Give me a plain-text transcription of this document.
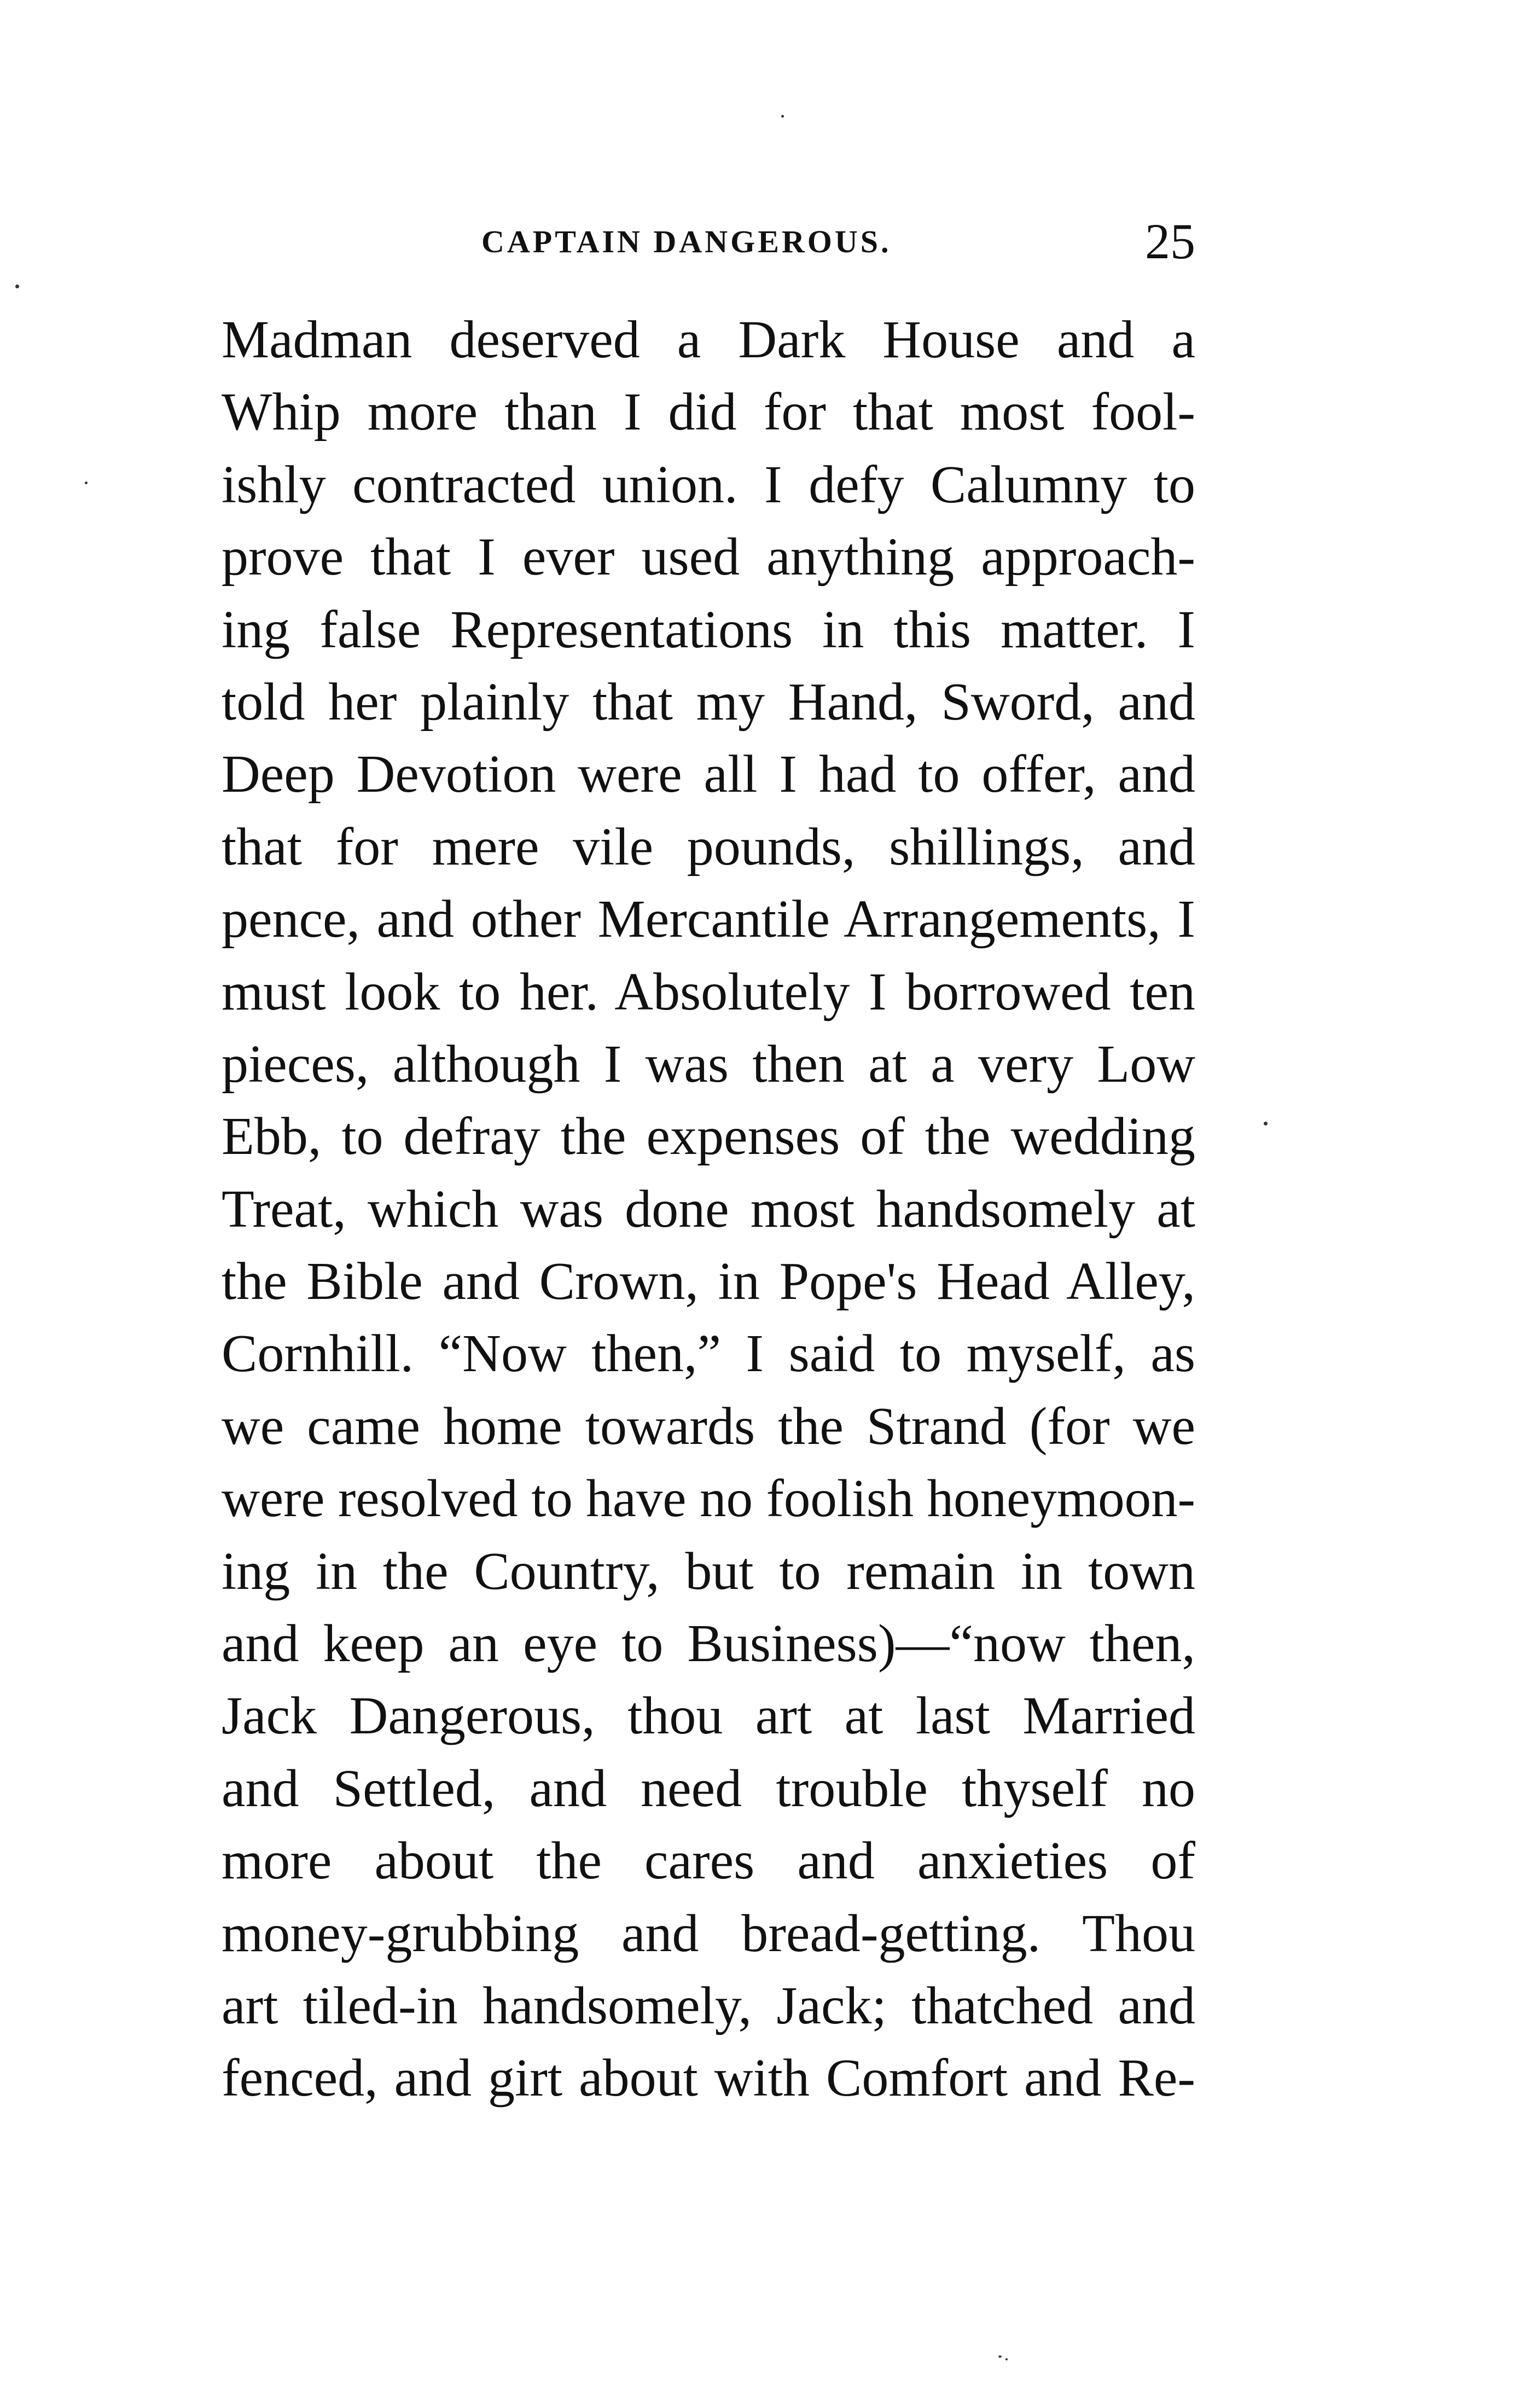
CAPTAIN DANGEROUS.	25
Madman deserved a Dark House and a
Whip more than I did for that most fool-
ishly contracted union. I defy Calumny to
prove that I ever used anything approach-
ing false Representations in this matter. I
told her plainly that my Hand, Sword, and
Deep Devotion were all I had to offer, and
that for mere vile pounds, shillings, and
pence, and other Mercantile Arrangements, I
must look to her. Absolutely I borrowed ten
pieces, although I was then at a very Low
Ebb, to defray the expenses of the wedding
Treat, which was done most handsomely at
the Bible and Crown, in Pope's Head Alley,
Cornhill. “Now then,” I said to myself, as
we came home towards the Strand (for we
were resolved to have no foolish honeymoon-
ing in the Country, but to remain in town
and keep an eye to Business)—“now then,
Jack Dangerous, thou art at last Married
and Settled, and need trouble thyself no
more about the cares and anxieties of
money-grubbing and bread-getting. Thou
art tiled-in handsomely, Jack; thatched and
fenced, and girt about with Comfort and Re-
